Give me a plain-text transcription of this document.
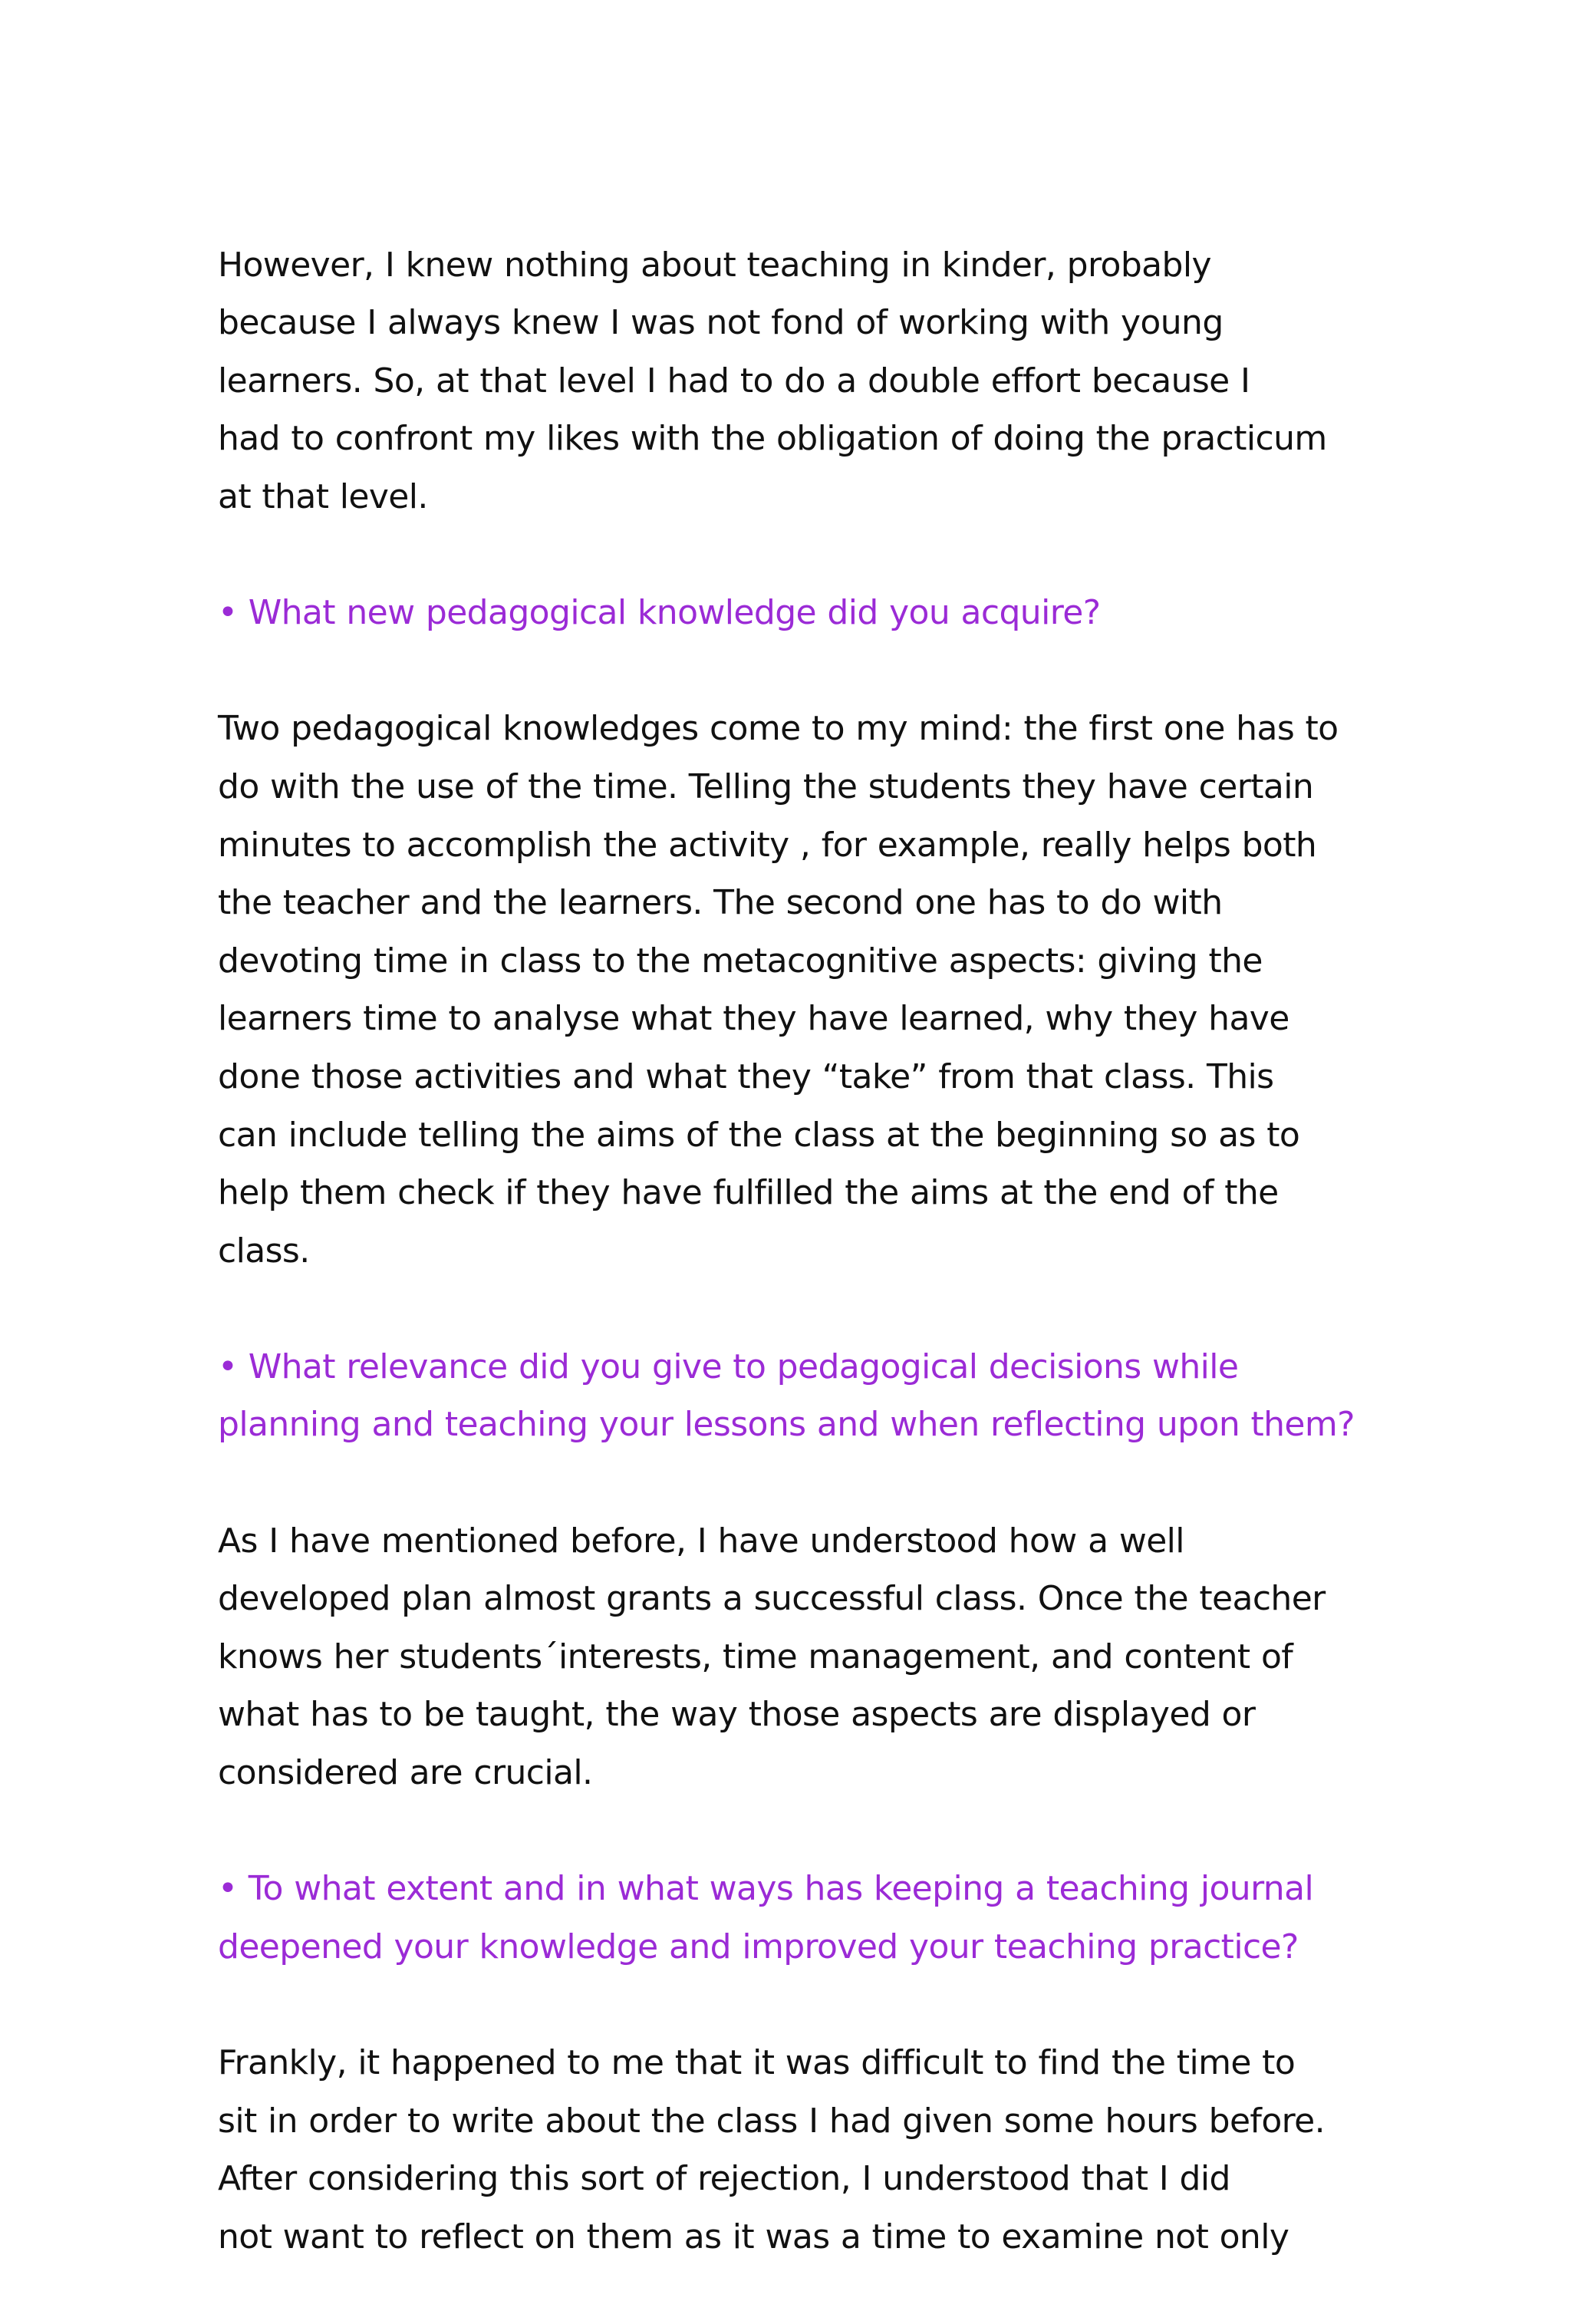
However, I knew nothing about teaching in kinder, probably
because I always knew I was not fond of working with young
learners. So, at that level I had to do a double effort because I
had to confront my likes with the obligation of doing the practicum
at that level.

• What new pedagogical knowledge did you acquire?

Two pedagogical knowledges come to my mind: the first one has to
do with the use of the time. Telling the students they have certain
minutes to accomplish the activity , for example, really helps both
the teacher and the learners. The second one has to do with
devoting time in class to the metacognitive aspects: giving the
learners time to analyse what they have learned, why they have
done those activities and what they “take” from that class. This
can include telling the aims of the class at the beginning so as to
help them check if they have fulfilled the aims at the end of the
class.

• What relevance did you give to pedagogical decisions while
planning and teaching your lessons and when reflecting upon them?

As I have mentioned before, I have understood how a well
developed plan almost grants a successful class. Once the teacher
knows her students´interests, time management, and content of
what has to be taught, the way those aspects are displayed or
considered are crucial.

• To what extent and in what ways has keeping a teaching journal
deepened your knowledge and improved your teaching practice?

Frankly, it happened to me that it was difficult to find the time to
sit in order to write about the class I had given some hours before.
After considering this sort of rejection, I understood that I did
not want to reflect on them as it was a time to examine not only
